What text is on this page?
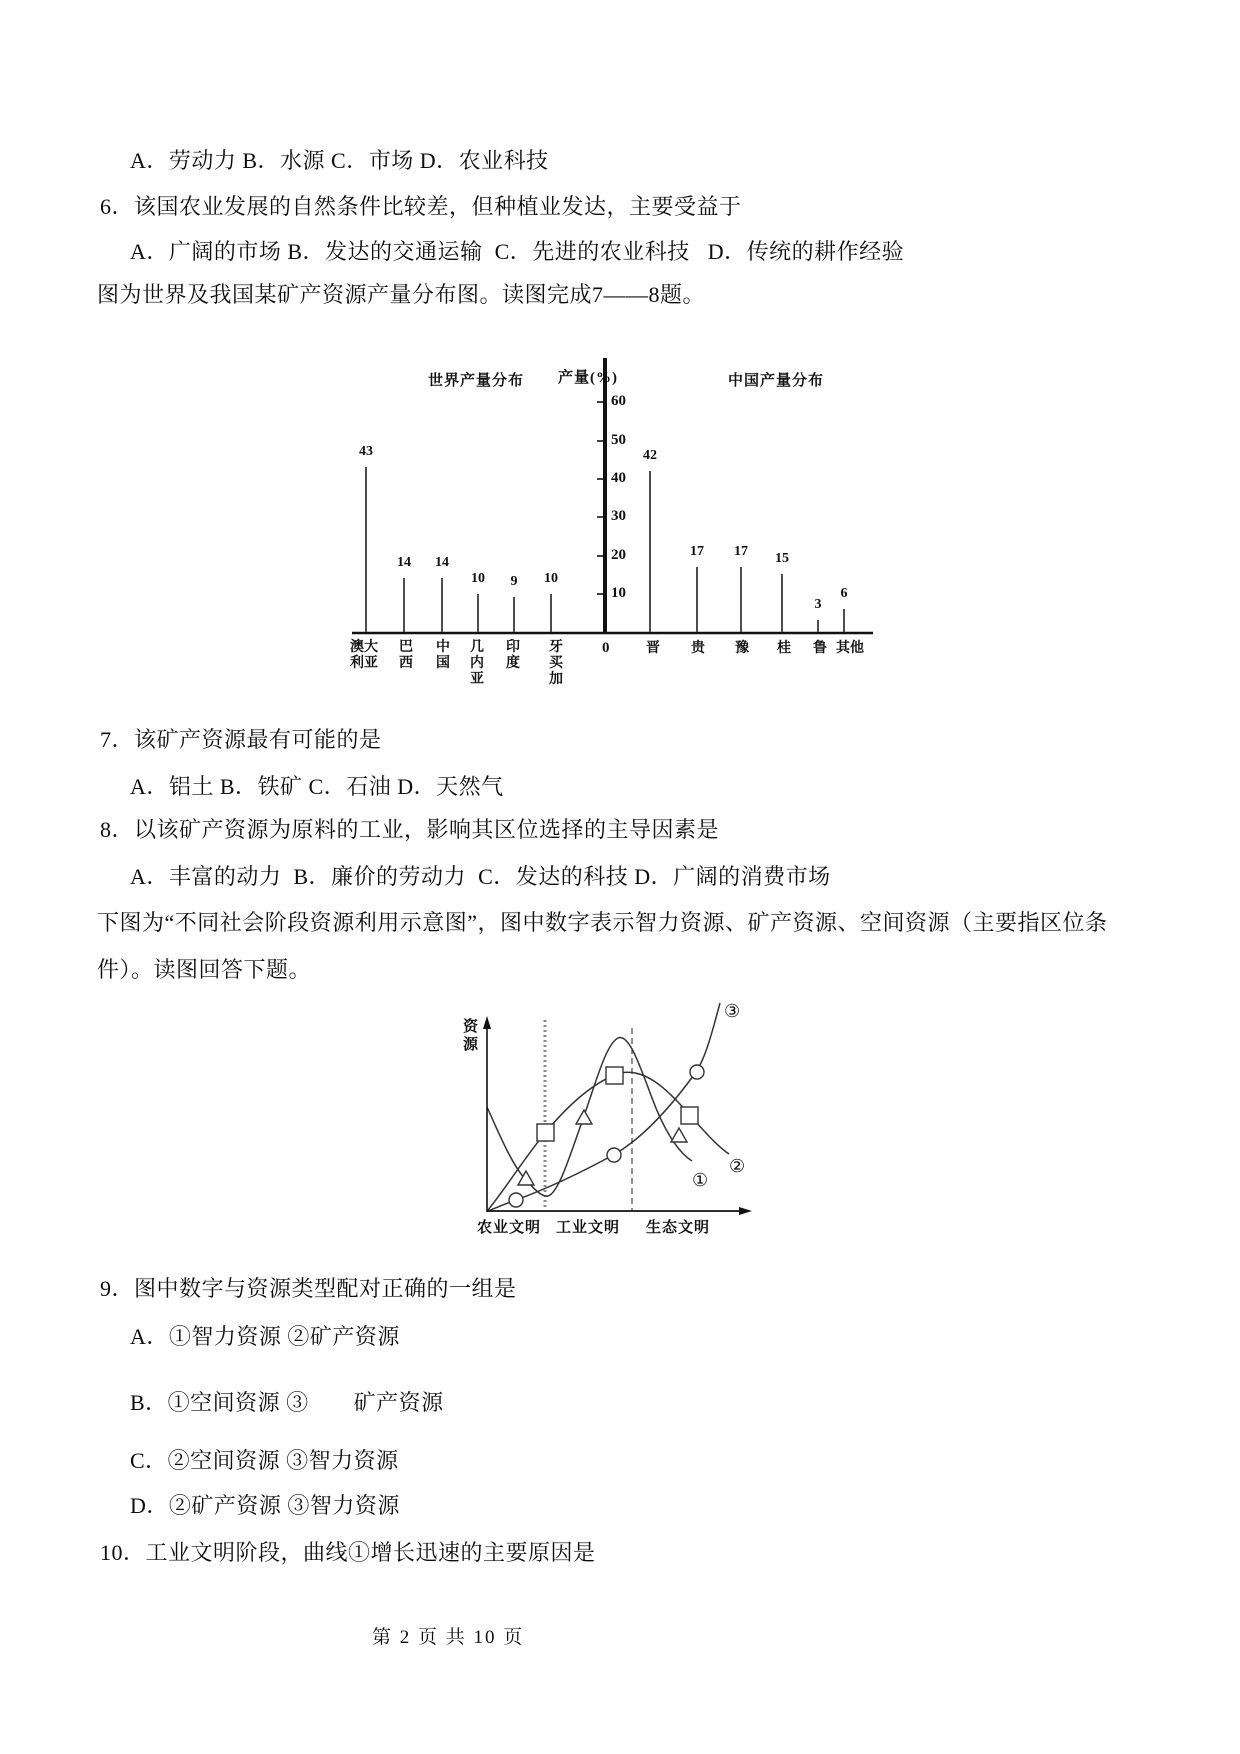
A．劳动力 B．水源 C．市场 D．农业科技
6．该国农业发展的自然条件比较差，但种植业发达，主要受益于
A．广阔的市场 B．发达的交通运输  C．先进的农业科技   D．传统的耕作经验
图为世界及我国某矿产资源产量分布图。读图完成7——8题。
世界产量分布 产量(%)	中国产量分布
60
50
40
30
20
10
43
14	14
10	9	10
42
17	17	15
3
6
0
澳大利亚
巴西
中国
几内亚
印度
牙买加
晋 贵 豫 桂 鲁 其他
7．该矿产资源最有可能的是
A．铝土 B．铁矿 C．石油 D．天然气
8．以该矿产资源为原料的工业，影响其区位选择的主导因素是
A．丰富的动力  B．廉价的劳动力  C．发达的科技 D．广阔的消费市场
下图为“不同社会阶段资源利用示意图”，图中数字表示智力资源、矿产资源、空间资源（主要指区位条
件）。读图回答下题。
资源
①
②
③
农业文明 工业文明 生态文明
9．图中数字与资源类型配对正确的一组是
A．①智力资源 ②矿产资源
B．①空间资源 ③　　矿产资源
C．②空间资源 ③智力资源
D．②矿产资源 ③智力资源
10．工业文明阶段，曲线①增长迅速的主要原因是
第 2 页 共 10 页
